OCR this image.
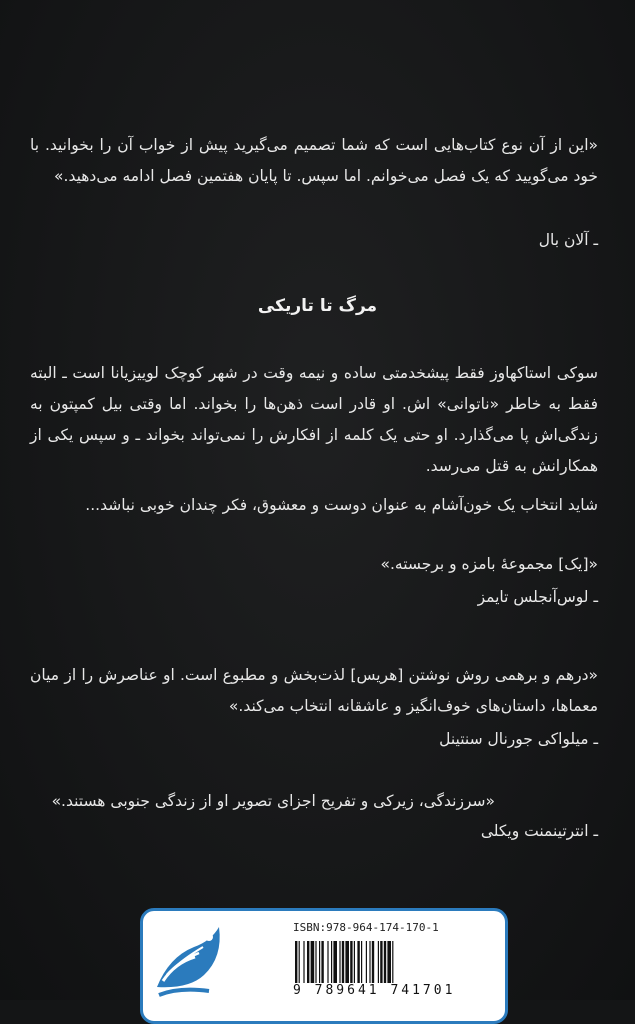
«این از آن نوع کتاب‌هایی است که شما تصمیم می‌گیرید پیش از خواب آن را بخوانید. با خود می‌گویید که یک فصل می‌خوانم. اما سپس. تا پایان هفتمین فصل ادامه می‌دهید.»
ـ آلان بال
مرگ تا تاریکی
سوکی استاکهاوز فقط پیشخدمتی ساده و نیمه وقت در شهر کوچک لوییزیانا است ـ البته فقط به خاطر «ناتوانی» اش. او قادر است ذهن‌ها را بخواند. اما وقتی بیل کمپتون به زندگی‌اش پا می‌گذارد. او حتی یک کلمه از افکارش را نمی‌تواند بخواند ـ و سپس یکی از همکارانش به قتل می‌رسد.
شاید انتخاب یک خون‌آشام به عنوان دوست و معشوق، فکر چندان خوبی نباشد...
«[یک] مجموعهٔ بامزه و برجسته.»
ـ لوس‌آنجلس تایمز
«درهم و برهمی روش نوشتن [هریس] لذت‌بخش و مطبوع است. او عناصرش را از میان معماها، داستان‌های خوف‌انگیز و عاشقانه انتخاب می‌کند.»
ـ میلواکی جورنال سنتینل
«سرزندگی، زیرکی و تفریح اجزای تصویر او از زندگی جنوبی هستند.»
ـ انترتینمنت ویکلی
ISBN:978-964-174-170-1
9 789641 741701
